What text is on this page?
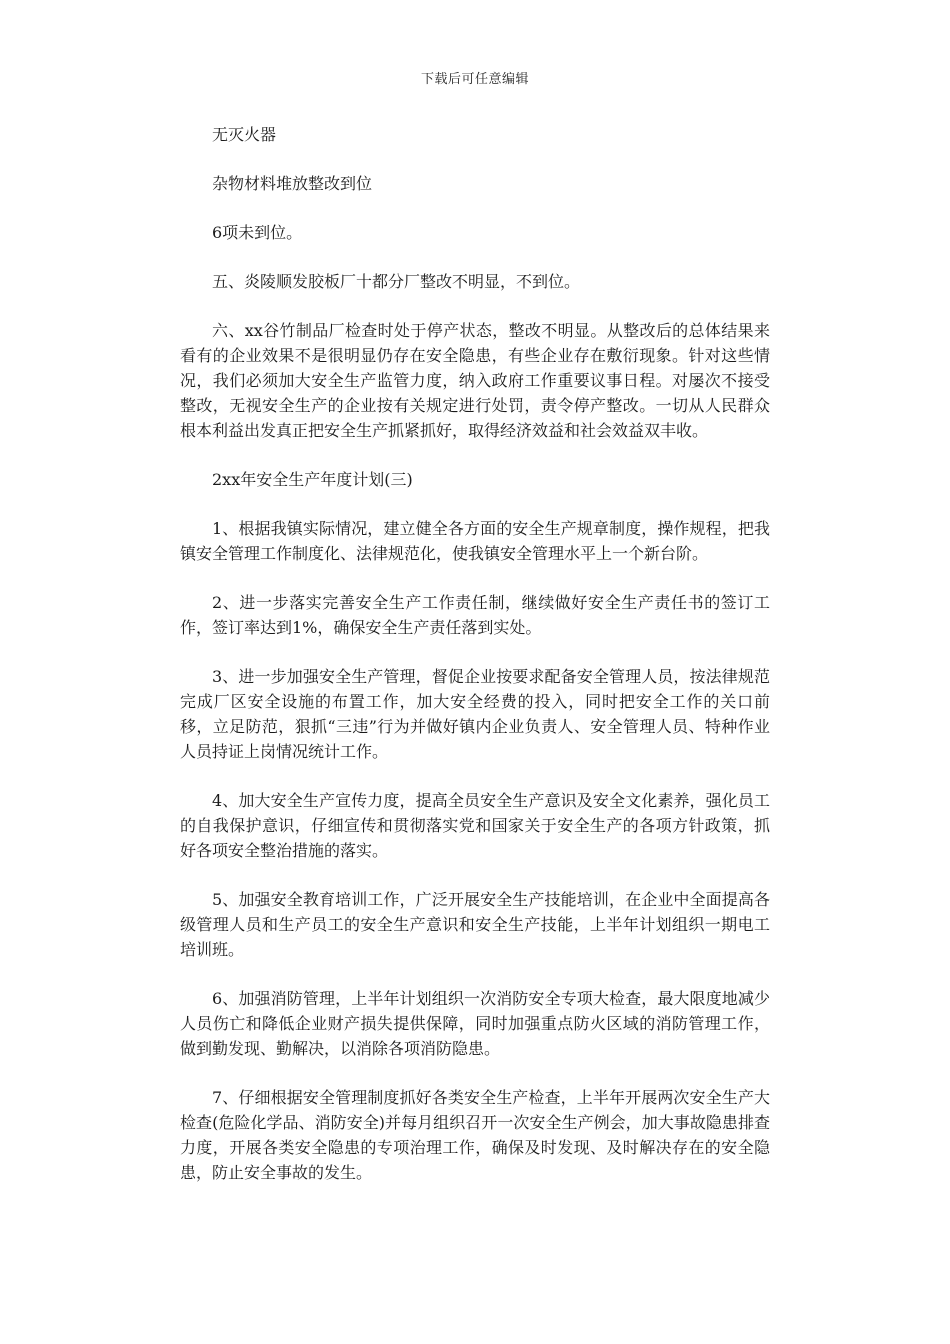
下载后可任意编辑

无灭火器

杂物材料堆放整改到位

6项未到位。

五、炎陵顺发胶板厂十都分厂整改不明显，不到位。

六、xx谷竹制品厂检查时处于停产状态，整改不明显。从整改后的总体结果来看有的企业效果不是很明显仍存在安全隐患，有些企业存在敷衍现象。针对这些情况，我们必须加大安全生产监管力度，纳入政府工作重要议事日程。对屡次不接受整改，无视安全生产的企业按有关规定进行处罚，责令停产整改。一切从人民群众根本利益出发真正把安全生产抓紧抓好，取得经济效益和社会效益双丰收。

2xx年安全生产年度计划(三)

1、根据我镇实际情况，建立健全各方面的安全生产规章制度，操作规程，把我镇安全管理工作制度化、法律规范化，使我镇安全管理水平上一个新台阶。

2、进一步落实完善安全生产工作责任制，继续做好安全生产责任书的签订工作，签订率达到1%，确保安全生产责任落到实处。

3、进一步加强安全生产管理，督促企业按要求配备安全管理人员，按法律规范完成厂区安全设施的布置工作，加大安全经费的投入，同时把安全工作的关口前移，立足防范，狠抓“三违”行为并做好镇内企业负责人、安全管理人员、特种作业人员持证上岗情况统计工作。

4、加大安全生产宣传力度，提高全员安全生产意识及安全文化素养，强化员工的自我保护意识，仔细宣传和贯彻落实党和国家关于安全生产的各项方针政策，抓好各项安全整治措施的落实。

5、加强安全教育培训工作，广泛开展安全生产技能培训，在企业中全面提高各级管理人员和生产员工的安全生产意识和安全生产技能，上半年计划组织一期电工培训班。

6、加强消防管理，上半年计划组织一次消防安全专项大检查，最大限度地减少人员伤亡和降低企业财产损失提供保障，同时加强重点防火区域的消防管理工作，做到勤发现、勤解决，以消除各项消防隐患。

7、仔细根据安全管理制度抓好各类安全生产检查，上半年开展两次安全生产大检查(危险化学品、消防安全)并每月组织召开一次安全生产例会，加大事故隐患排查力度，开展各类安全隐患的专项治理工作，确保及时发现、及时解决存在的安全隐患，防止安全事故的发生。
